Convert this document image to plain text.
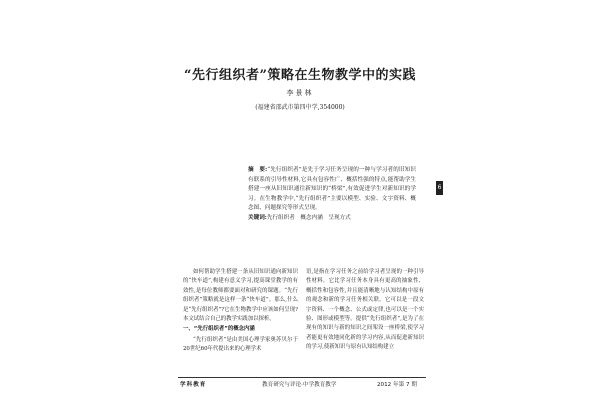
“先行组织者”策略在生物教学中的实践
李景林
(福建省邵武市第四中学,354000)
摘　要:“先行组织者”是先于学习任务呈现的一种与学习者的旧知识有联系的引导性材料,它具有包容性广、概括性强的特点,能帮助学生搭建一座从旧知识通往新知识的“桥梁”,有效促进学生对新知识的学习。在生物教学中,“先行组织者”主要以模型、实验、文字资料、概念图、问题探究等形式呈现。
关键词:先行组织者　概念内涵　呈现方式
6

如何帮助学生搭建一条从旧知识通向新知识的“快车道”,构建有意义学习,提高课堂教学的有效性,是每位教师都要面对和研究的课题。“先行组织者”策略就是这样一条“快车道”。那么,什么是“先行组织者”?它在生物教学中应该如何呈现?本文试结合自己的教学实践加以探析。

一、“先行组织者”的概念内涵

“先行组织者”是由美国心理学家奥苏贝尔于20世纪60年代提出来的心理学术

语,是指在学习任务之前给学习者呈现的一种引导性材料。它比学习任务本身具有更高的抽象性、概括性和包容性,并且能清晰地与认知结构中原有的观念和新的学习任务相关联。它可以是一段文字资料、一个概念、公式或定律,也可以是一个实验、图形或模型等。提供“先行组织者”,是为了在现有的知识与新的知识之间架设一座桥梁,使学习者能更有效地同化新的学习内容,从而促进新知识的学习,使新知识与原有认知结构建立

学科教育	教育研究与评论·中学教育教学	2012 年第 7 期
